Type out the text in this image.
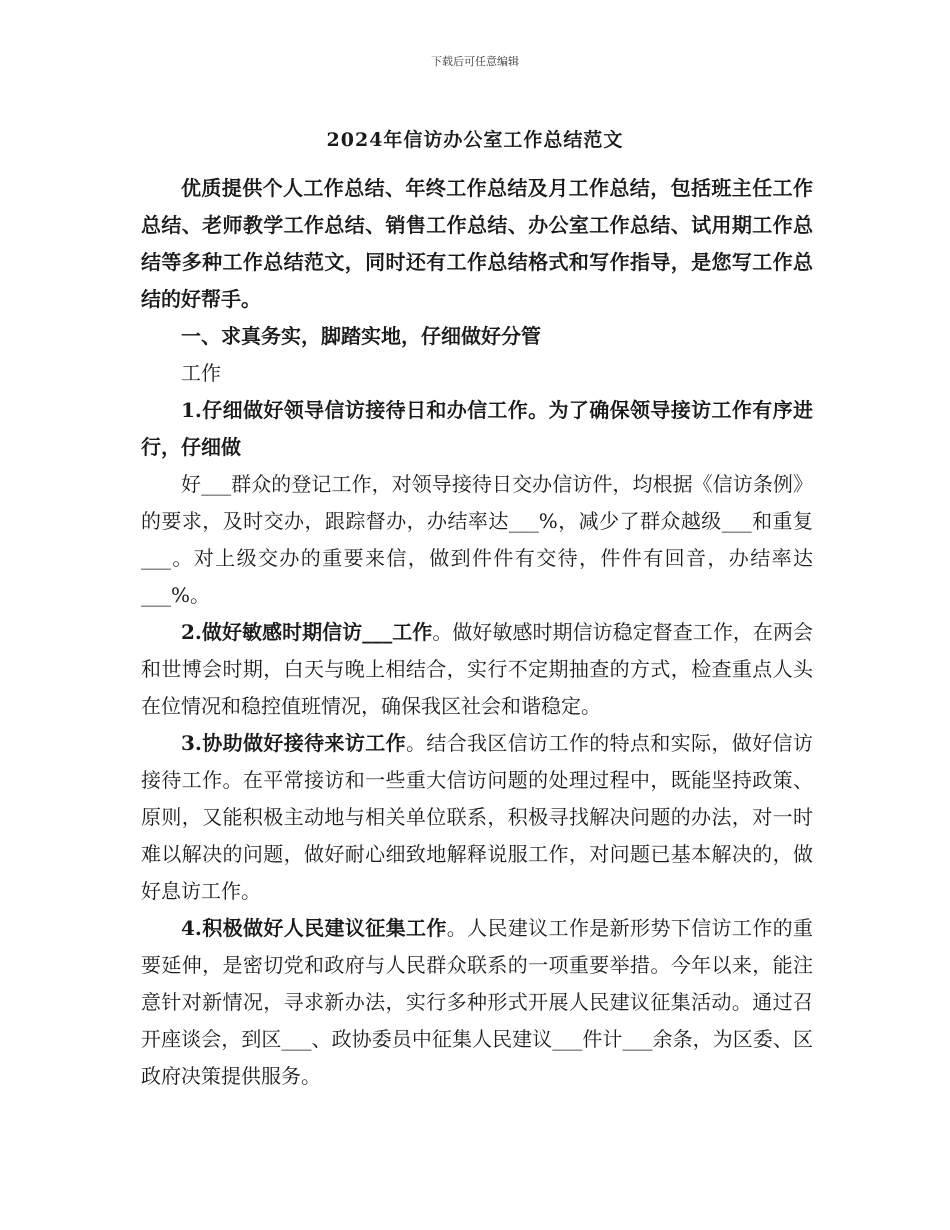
下载后可任意编辑
2024年信访办公室工作总结范文

优质提供个人工作总结、年终工作总结及月工作总结，包括班主任工作总结、老师教学工作总结、销售工作总结、办公室工作总结、试用期工作总结等多种工作总结范文，同时还有工作总结格式和写作指导，是您写工作总结的好帮手。

一、求真务实，脚踏实地，仔细做好分管

工作

1.仔细做好领导信访接待日和办信工作。为了确保领导接访工作有序进行，仔细做

好___群众的登记工作，对领导接待日交办信访件，均根据《信访条例》的要求，及时交办，跟踪督办，办结率达___%，减少了群众越级___和重复___。对上级交办的重要来信，做到件件有交待，件件有回音，办结率达___%。

2.做好敏感时期信访___工作。做好敏感时期信访稳定督查工作，在两会和世博会时期，白天与晚上相结合，实行不定期抽查的方式，检查重点人头在位情况和稳控值班情况，确保我区社会和谐稳定。

3.协助做好接待来访工作。结合我区信访工作的特点和实际，做好信访接待工作。在平常接访和一些重大信访问题的处理过程中，既能坚持政策、原则，又能积极主动地与相关单位联系，积极寻找解决问题的办法，对一时难以解决的问题，做好耐心细致地解释说服工作，对问题已基本解决的，做好息访工作。

4.积极做好人民建议征集工作。人民建议工作是新形势下信访工作的重要延伸，是密切党和政府与人民群众联系的一项重要举措。今年以来，能注意针对新情况，寻求新办法，实行多种形式开展人民建议征集活动。通过召开座谈会，到区___、政协委员中征集人民建议___件计___余条，为区委、区政府决策提供服务。
